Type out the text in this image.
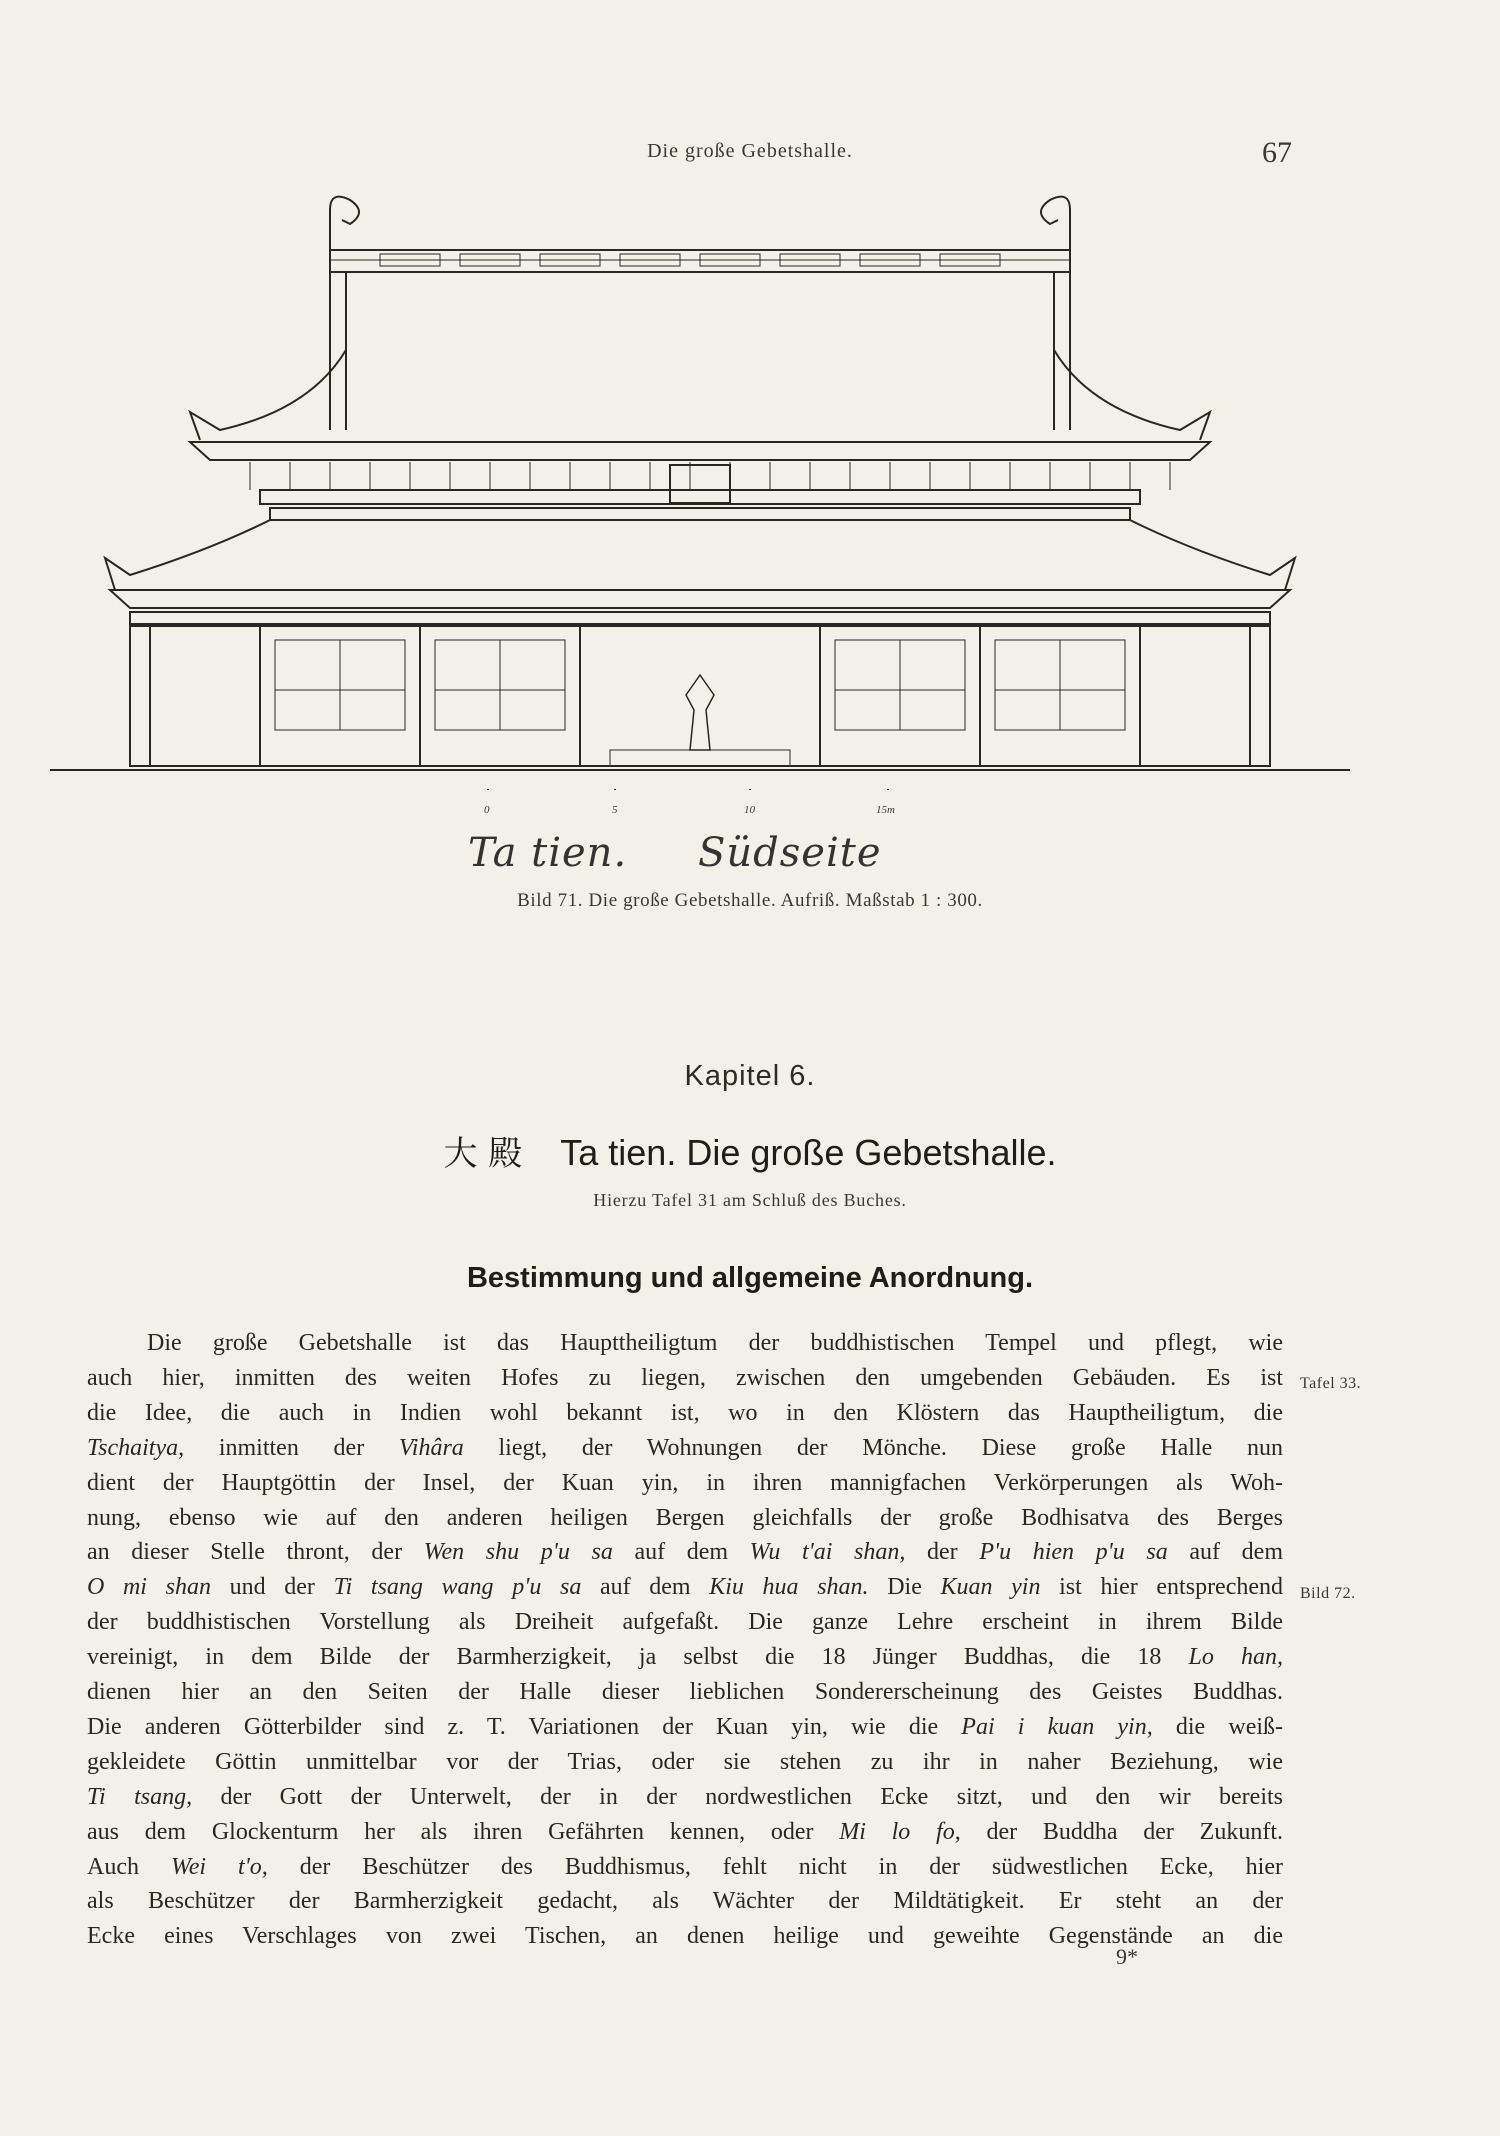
Die große Gebetshalle.	67
0	5	10	15m
Ta tien. Südseite
Bild 71. Die große Gebetshalle. Aufriß. Maßstab 1 : 300.
Kapitel 6.
大 殿 Ta tien. Die große Gebetshalle.
Hierzu Tafel 31 am Schluß des Buches.
Bestimmung und allgemeine Anordnung.
Die große Gebetshalle ist das Haupttheiligtum der buddhistischen Tempel und pflegt, wie
auch hier, inmitten des weiten Hofes zu liegen, zwischen den umgebenden Gebäuden. Es ist
die Idee, die auch in Indien wohl bekannt ist, wo in den Klöstern das Hauptheiligtum, die
Tschaitya, inmitten der Vihâra liegt, der Wohnungen der Mönche. Diese große Halle nun
dient der Hauptgöttin der Insel, der Kuan yin, in ihren mannigfachen Verkörperungen als Woh-
nung, ebenso wie auf den anderen heiligen Bergen gleichfalls der große Bodhisatva des Berges
an dieser Stelle thront, der Wen shu p'u sa auf dem Wu t'ai shan, der P'u hien p'u sa auf dem
O mi shan und der Ti tsang wang p'u sa auf dem Kiu hua shan. Die Kuan yin ist hier entsprechend
der buddhistischen Vorstellung als Dreiheit aufgefaßt. Die ganze Lehre erscheint in ihrem Bilde
vereinigt, in dem Bilde der Barmherzigkeit, ja selbst die 18 Jünger Buddhas, die 18 Lo han,
dienen hier an den Seiten der Halle dieser lieblichen Sondererscheinung des Geistes Buddhas.
Die anderen Götterbilder sind z. T. Variationen der Kuan yin, wie die Pai i kuan yin, die weiß-
gekleidete Göttin unmittelbar vor der Trias, oder sie stehen zu ihr in naher Beziehung, wie
Ti tsang, der Gott der Unterwelt, der in der nordwestlichen Ecke sitzt, und den wir bereits
aus dem Glockenturm her als ihren Gefährten kennen, oder Mi lo fo, der Buddha der Zukunft.
Auch Wei t'o, der Beschützer des Buddhismus, fehlt nicht in der südwestlichen Ecke, hier
als Beschützer der Barmherzigkeit gedacht, als Wächter der Mildtätigkeit. Er steht an der
Ecke eines Verschlages von zwei Tischen, an denen heilige und geweihte Gegenstände an die
Tafel 33.
Bild 72.
9*
